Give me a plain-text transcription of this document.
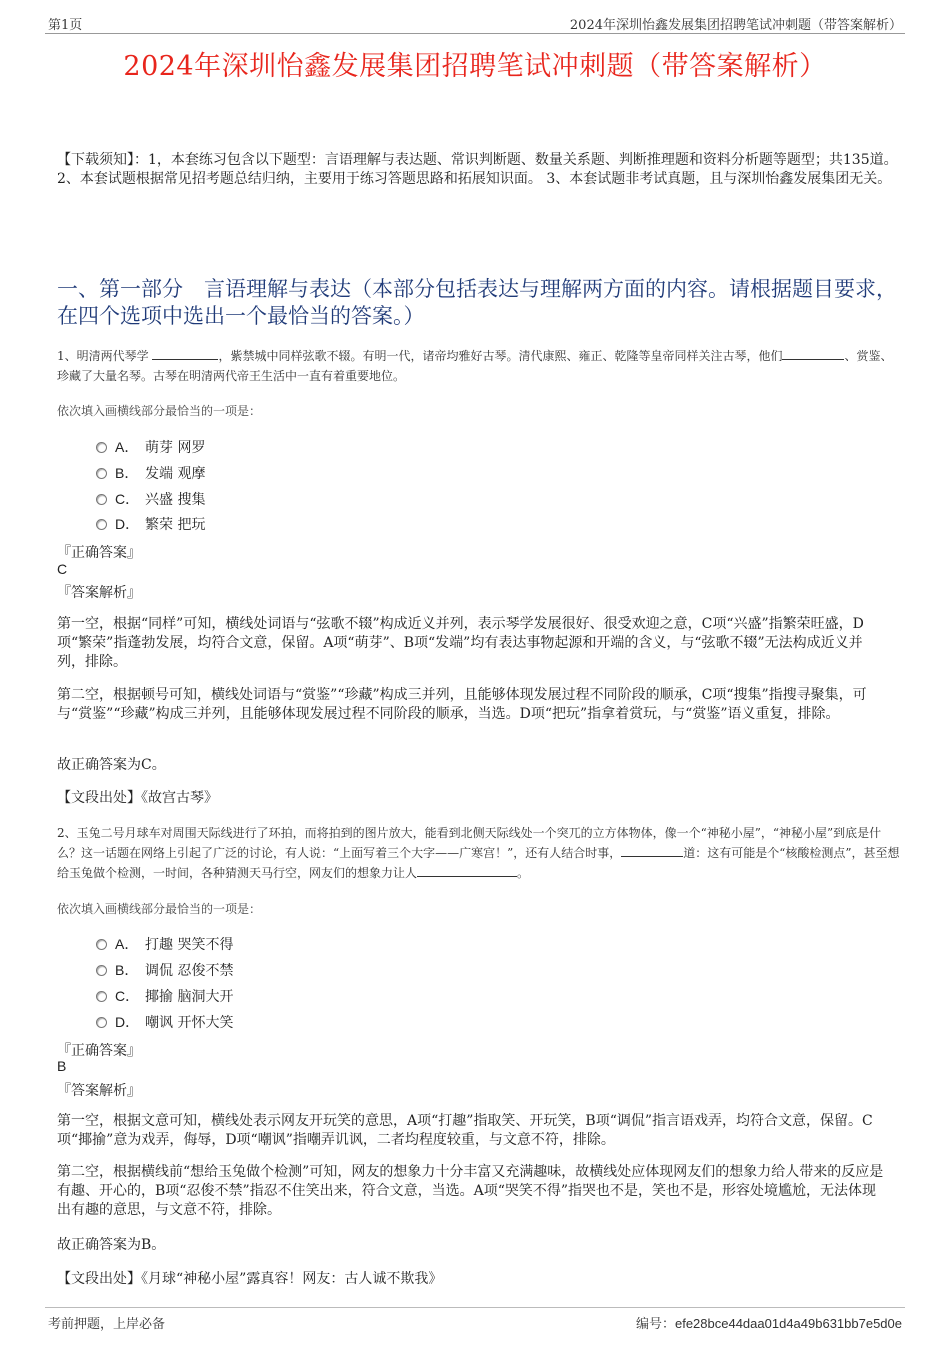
第1页	2024年深圳怡鑫发展集团招聘笔试冲刺题（带答案解析）
2024年深圳怡鑫发展集团招聘笔试冲刺题（带答案解析）
【下载须知】：1，本套练习包含以下题型：言语理解与表达题、常识判断题、数量关系题、判断推理题和资料分析题等题型；共135道。 2、本套试题根据常见招考题总结归纳，主要用于练习答题思路和拓展知识面。 3、本套试题非考试真题，且与深圳怡鑫发展集团无关。
一、第一部分　言语理解与表达（本部分包括表达与理解两方面的内容。请根据题目要求，在四个选项中选出一个最恰当的答案。）
1、明清两代琴学	，紫禁城中同样弦歌不辍。有明一代，诸帝均雅好古琴。清代康熙、雍正、乾隆等皇帝同样关注古琴，他们	、赏鉴、珍藏了大量名琴。古琴在明清两代帝王生活中一直有着重要地位。
依次填入画横线部分最恰当的一项是：
A． 萌芽 网罗
B． 发端 观摩
C． 兴盛 搜集
D． 繁荣 把玩
『正确答案』
C
『答案解析』
第一空，根据“同样”可知，横线处词语与“弦歌不辍”构成近义并列，表示琴学发展很好、很受欢迎之意，C项“兴盛”指繁荣旺盛，D项“繁荣”指蓬勃发展，均符合文意，保留。A项“萌芽”、B项“发端”均有表达事物起源和开端的含义，与“弦歌不辍”无法构成近义并列，排除。
第二空，根据顿号可知，横线处词语与“赏鉴”“珍藏”构成三并列，且能够体现发展过程不同阶段的顺承，C项“搜集”指搜寻聚集，可与“赏鉴”“珍藏”构成三并列，且能够体现发展过程不同阶段的顺承，当选。D项“把玩”指拿着赏玩，与“赏鉴”语义重复，排除。
故正确答案为C。
【文段出处】《故宫古琴》
2、玉兔二号月球车对周围天际线进行了环拍，而将拍到的图片放大，能看到北侧天际线处一个突兀的立方体物体，像一个“神秘小屋”，“神秘小屋”到底是什么？这一话题在网络上引起了广泛的讨论，有人说：“上面写着三个大字——广寒宫！”，还有人结合时事，	道：这有可能是个“核酸检测点”，甚至想给玉兔做个检测，一时间，各种猜测天马行空，网友们的想象力让人	。
依次填入画横线部分最恰当的一项是：
A． 打趣 哭笑不得
B． 调侃 忍俊不禁
C． 揶揄 脑洞大开
D． 嘲讽 开怀大笑
『正确答案』
B
『答案解析』
第一空，根据文意可知，横线处表示网友开玩笑的意思，A项“打趣”指取笑、开玩笑，B项“调侃”指言语戏弄，均符合文意，保留。C项“揶揄”意为戏弄，侮辱，D项“嘲讽”指嘲弄讥讽，二者均程度较重，与文意不符，排除。
第二空，根据横线前“想给玉兔做个检测”可知，网友的想象力十分丰富又充满趣味，故横线处应体现网友们的想象力给人带来的反应是有趣、开心的，B项“忍俊不禁”指忍不住笑出来，符合文意，当选。A项“哭笑不得”指哭也不是，笑也不是，形容处境尴尬，无法体现出有趣的意思，与文意不符，排除。
故正确答案为B。
【文段出处】《月球“神秘小屋”露真容！网友：古人诚不欺我》
考前押题，上岸必备	编号：efe28bce44daa01d4a49b631bb7e5d0e
